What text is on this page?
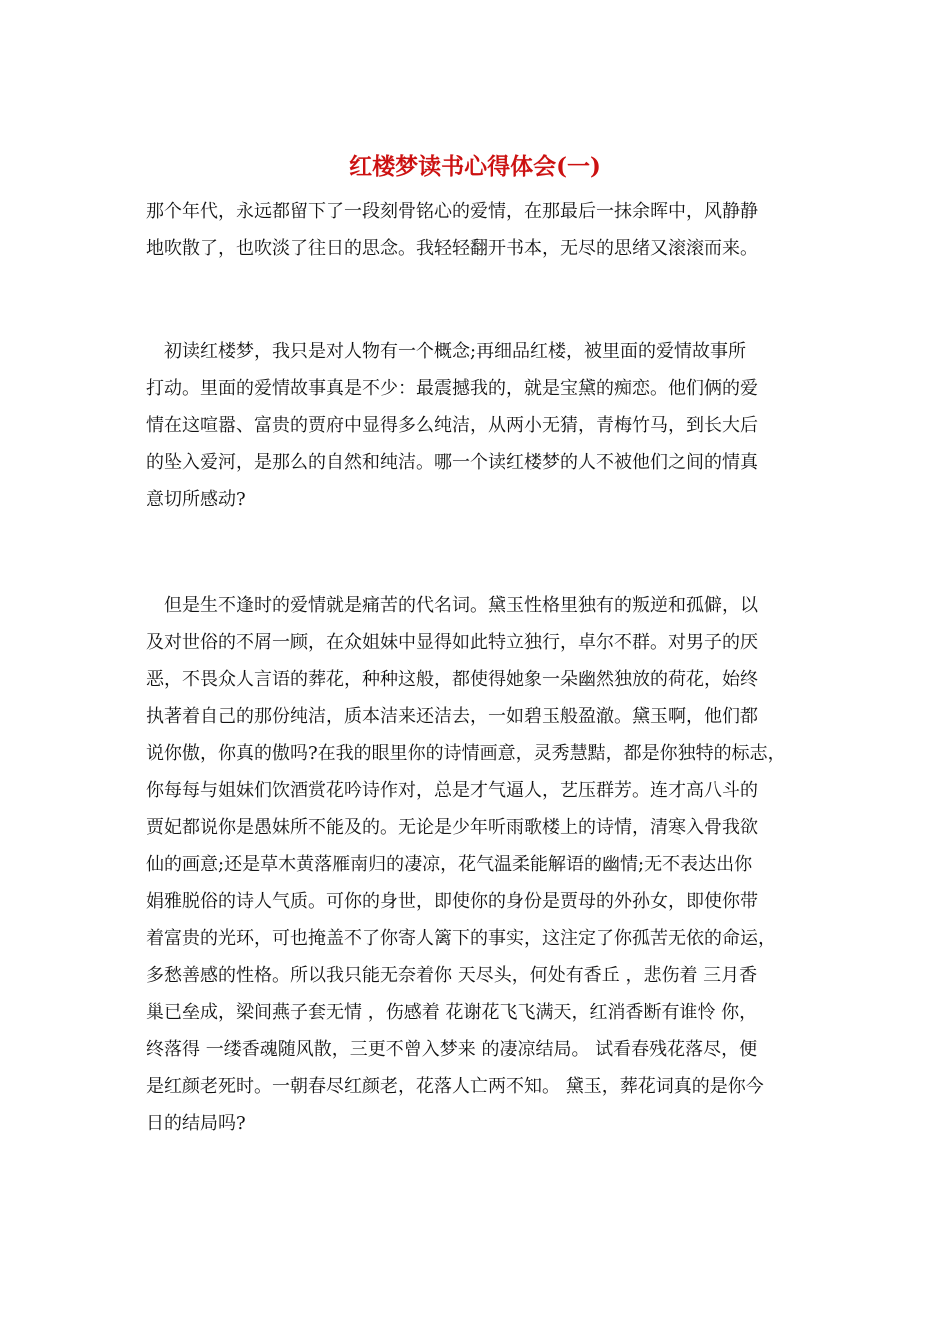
红楼梦读书心得体会(一)
那个年代，永远都留下了一段刻骨铭心的爱情，在那最后一抹余晖中，风静静
地吹散了，也吹淡了往日的思念。我轻轻翻开书本，无尽的思绪又滚滚而来。
　初读红楼梦，我只是对人物有一个概念;再细品红楼，被里面的爱情故事所
打动。里面的爱情故事真是不少：最震撼我的，就是宝黛的痴恋。他们俩的爱
情在这喧嚣、富贵的贾府中显得多么纯洁，从两小无猜，青梅竹马，到长大后
的坠入爱河，是那么的自然和纯洁。哪一个读红楼梦的人不被他们之间的情真
意切所感动?
　但是生不逢时的爱情就是痛苦的代名词。黛玉性格里独有的叛逆和孤僻，以
及对世俗的不屑一顾，在众姐妹中显得如此特立独行，卓尔不群。对男子的厌
恶，不畏众人言语的葬花，种种这般，都使得她象一朵幽然独放的荷花，始终
执著着自己的那份纯洁，质本洁来还洁去，一如碧玉般盈澈。黛玉啊，他们都
说你傲，你真的傲吗?在我的眼里你的诗情画意，灵秀慧黠，都是你独特的标志，
你每每与姐妹们饮酒赏花吟诗作对，总是才气逼人，艺压群芳。连才高八斗的
贾妃都说你是愚妹所不能及的。无论是少年听雨歌楼上的诗情，清寒入骨我欲
仙的画意;还是草木黄落雁南归的凄凉，花气温柔能解语的幽情;无不表达出你
娟雅脱俗的诗人气质。可你的身世，即使你的身份是贾母的外孙女，即使你带
着富贵的光环，可也掩盖不了你寄人篱下的事实，这注定了你孤苦无依的命运，
多愁善感的性格。所以我只能无奈着你 天尽头，何处有香丘 ，悲伤着 三月香
巢已垒成，梁间燕子套无情 ，伤感着 花谢花飞飞满天，红消香断有谁怜 你，
终落得 一缕香魂随风散，三更不曾入梦来 的凄凉结局。 试看春残花落尽，便
是红颜老死时。一朝春尽红颜老，花落人亡两不知。 黛玉，葬花词真的是你今
日的结局吗?
